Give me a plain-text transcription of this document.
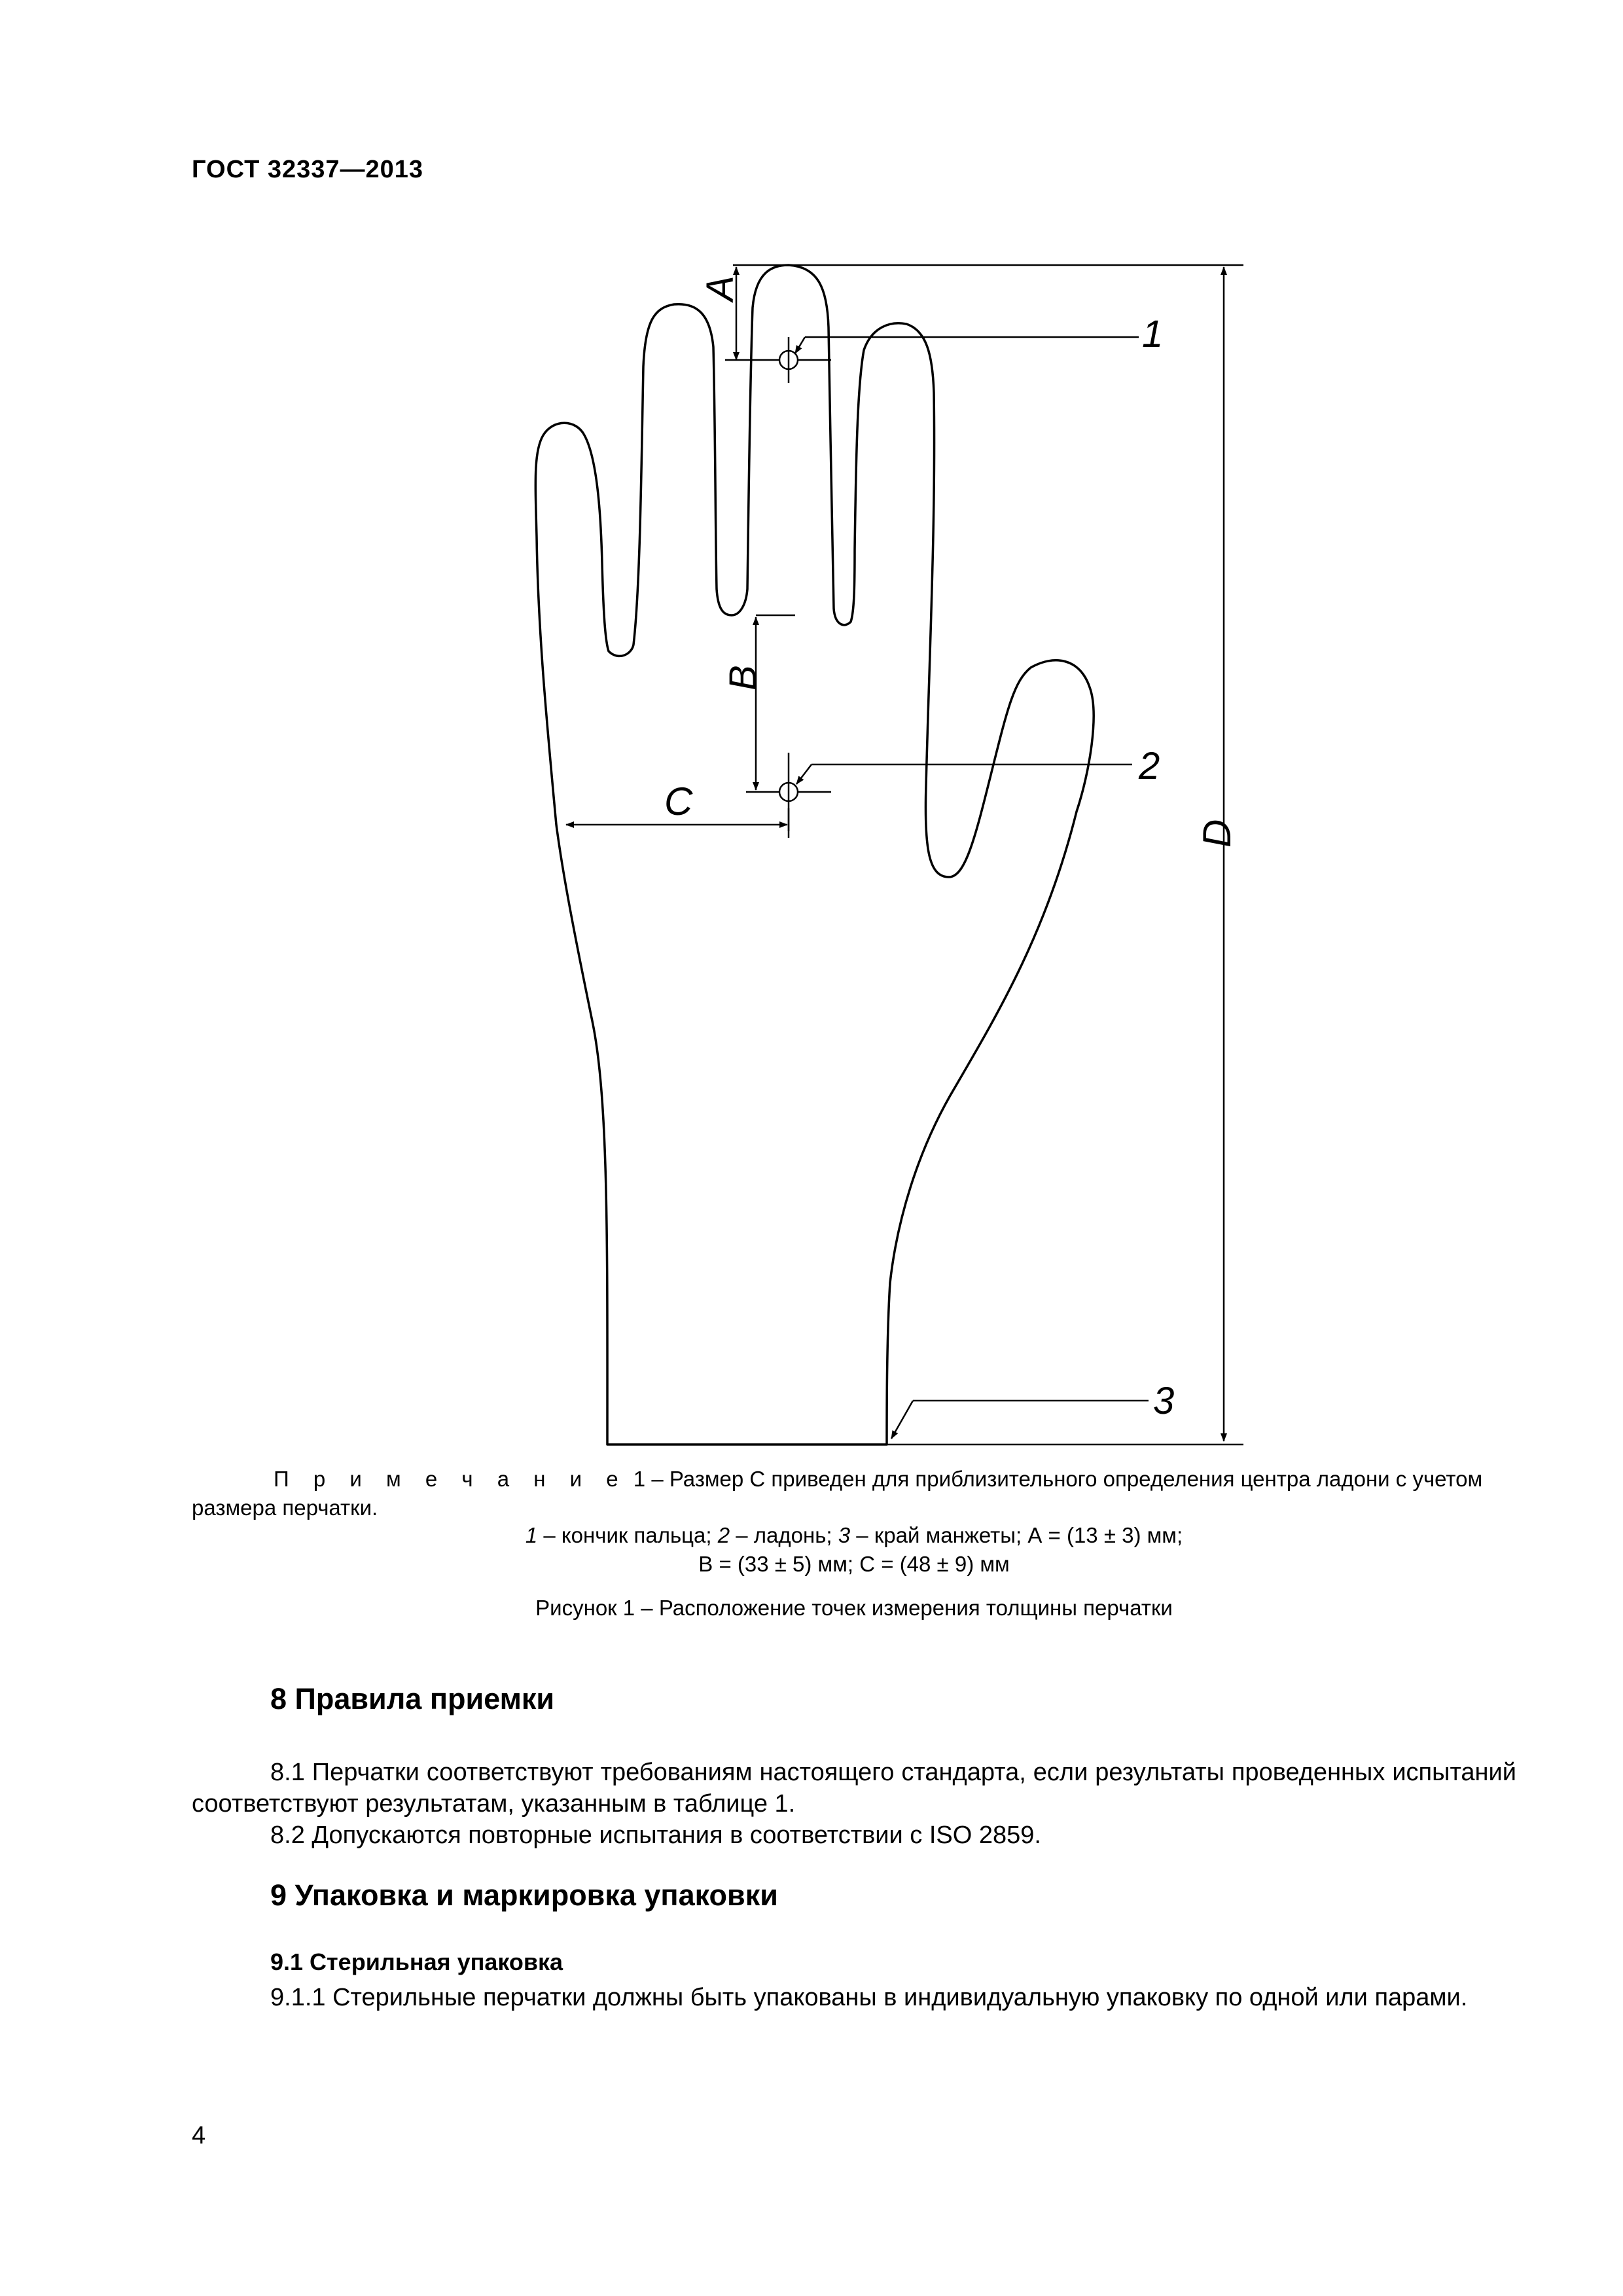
ГОСТ 32337—2013
A
B
C
D
1
2
3
П р и м е ч а н и е 1 – Размер С приведен для приблизительного определения центра ладони с учетом размера перчатки.
1 – кончик пальца; 2 – ладонь; 3 – край манжеты; А = (13 ± 3) мм;
В = (33 ± 5) мм; С = (48 ± 9) мм
Рисунок 1 – Расположение точек измерения толщины перчатки
8 Правила приемки
8.1 Перчатки соответствуют требованиям настоящего стандарта, если результаты проведенных испытаний соответствуют результатам, указанным в таблице 1.
8.2 Допускаются повторные испытания в соответствии с ISO 2859.
9 Упаковка и маркировка упаковки
9.1 Стерильная упаковка
9.1.1 Стерильные перчатки должны быть упакованы в индивидуальную упаковку по одной или парами.
4
